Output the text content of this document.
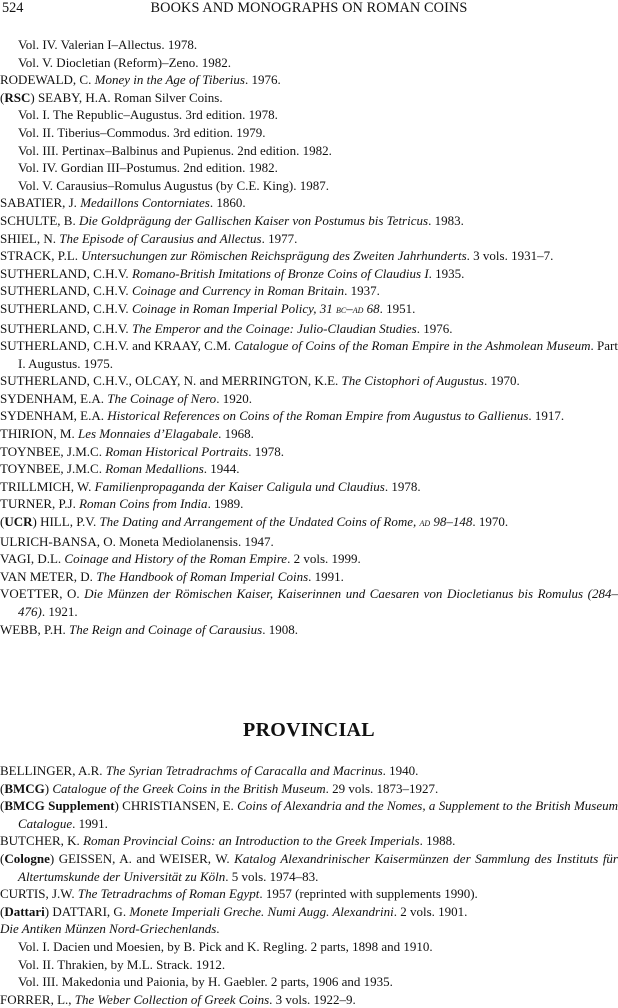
524	BOOKS AND MONOGRAPHS ON ROMAN COINS

Vol. IV. Valerian I–Allectus. 1978.

Vol. V. Diocletian (Reform)–Zeno. 1982.

RODEWALD, C. Money in the Age of Tiberius. 1976.

(RSC) SEABY, H.A. Roman Silver Coins.

Vol. I. The Republic–Augustus. 3rd edition. 1978.

Vol. II. Tiberius–Commodus. 3rd edition. 1979.

Vol. III. Pertinax–Balbinus and Pupienus. 2nd edition. 1982.

Vol. IV. Gordian III–Postumus. 2nd edition. 1982.

Vol. V. Carausius–Romulus Augustus (by C.E. King). 1987.

SABATIER, J. Medaillons Contorniates. 1860.

SCHULTE, B. Die Goldprägung der Gallischen Kaiser von Postumus bis Tetricus. 1983.

SHIEL, N. The Episode of Carausius and Allectus. 1977.

STRACK, P.L. Untersuchungen zur Römischen Reichsprägung des Zweiten Jahrhunderts. 3 vols. 1931–7.

SUTHERLAND, C.H.V. Romano-British Imitations of Bronze Coins of Claudius I. 1935.

SUTHERLAND, C.H.V. Coinage and Currency in Roman Britain. 1937.

SUTHERLAND, C.H.V. Coinage in Roman Imperial Policy, 31 bc–ad 68. 1951.

SUTHERLAND, C.H.V. The Emperor and the Coinage: Julio-Claudian Studies. 1976.

SUTHERLAND, C.H.V. and KRAAY, C.M. Catalogue of Coins of the Roman Empire in the Ashmolean Museum. Part I. Augustus. 1975.

SUTHERLAND, C.H.V., OLCAY, N. and MERRINGTON, K.E. The Cistophori of Augustus. 1970.

SYDENHAM, E.A. The Coinage of Nero. 1920.

SYDENHAM, E.A. Historical References on Coins of the Roman Empire from Augustus to Gallienus. 1917.

THIRION, M. Les Monnaies d’Elagabale. 1968.

TOYNBEE, J.M.C. Roman Historical Portraits. 1978.

TOYNBEE, J.M.C. Roman Medallions. 1944.

TRILLMICH, W. Familienpropaganda der Kaiser Caligula und Claudius. 1978.

TURNER, P.J. Roman Coins from India. 1989.

(UCR) HILL, P.V. The Dating and Arrangement of the Undated Coins of Rome, ad 98–148. 1970.

ULRICH-BANSA, O. Moneta Mediolanensis. 1947.

VAGI, D.L. Coinage and History of the Roman Empire. 2 vols. 1999.

VAN METER, D. The Handbook of Roman Imperial Coins. 1991.

VOETTER, O. Die Münzen der Römischen Kaiser, Kaiserinnen und Caesaren von Diocletianus bis Romulus (284–476). 1921.

WEBB, P.H. The Reign and Coinage of Carausius. 1908.

PROVINCIAL

BELLINGER, A.R. The Syrian Tetradrachms of Caracalla and Macrinus. 1940.

(BMCG) Catalogue of the Greek Coins in the British Museum. 29 vols. 1873–1927.

(BMCG Supplement) CHRISTIANSEN, E. Coins of Alexandria and the Nomes, a Supplement to the British Museum Catalogue. 1991.

BUTCHER, K. Roman Provincial Coins: an Introduction to the Greek Imperials. 1988.

(Cologne) GEISSEN, A. and WEISER, W. Katalog Alexandrinischer Kaisermünzen der Sammlung des Instituts für Altertumskunde der Universität zu Köln. 5 vols. 1974–83.

CURTIS, J.W. The Tetradrachms of Roman Egypt. 1957 (reprinted with supplements 1990).

(Dattari) DATTARI, G. Monete Imperiali Greche. Numi Augg. Alexandrini. 2 vols. 1901.

Die Antiken Münzen Nord-Griechenlands.

Vol. I. Dacien und Moesien, by B. Pick and K. Regling. 2 parts, 1898 and 1910.

Vol. II. Thrakien, by M.L. Strack. 1912.

Vol. III. Makedonia und Paionia, by H. Gaebler. 2 parts, 1906 and 1935.

FORRER, L., The Weber Collection of Greek Coins. 3 vols. 1922–9.
